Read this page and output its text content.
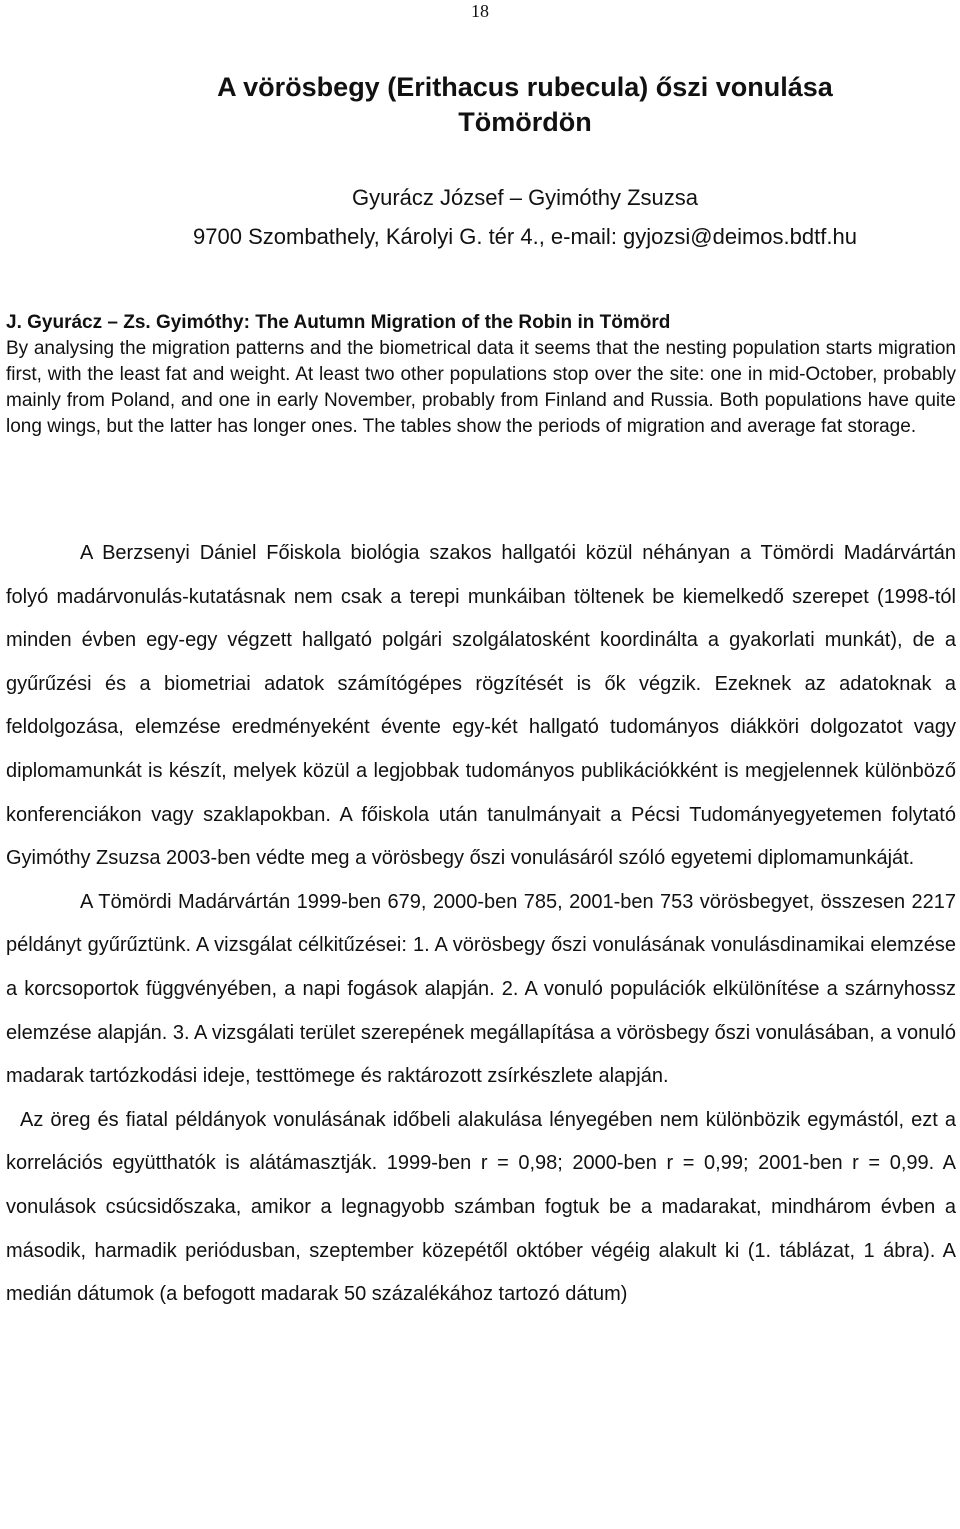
18
A vörösbegy (Erithacus rubecula) őszi vonulása
Tömördön
Gyurácz József – Gyimóthy Zsuzsa
9700 Szombathely, Károlyi G. tér 4., e-mail: gyjozsi@deimos.bdtf.hu

J. Gyurácz – Zs. Gyimóthy: The Autumn Migration of the Robin in Tömörd
By analysing the migration patterns and the biometrical data it seems that the nesting population starts migration first, with the least fat and weight. At least two other populations stop over the site: one in mid-October, probably mainly from Poland, and one in early November, probably from Finland and Russia. Both populations have quite long wings, but the latter has longer ones. The tables show the periods of migration and average fat storage.

A Berzsenyi Dániel Főiskola biológia szakos hallgatói közül néhányan a Tömördi Madárvártán folyó madárvonulás-kutatásnak nem csak a terepi munkáiban töltenek be kiemelkedő szerepet (1998-tól minden évben egy-egy végzett hallgató polgári szolgálatosként koordinálta a gyakorlati munkát), de a gyűrűzési és a biometriai adatok számítógépes rögzítését is ők végzik. Ezeknek az adatoknak a feldolgozása, elemzése eredményeként évente egy-két hallgató tudományos diákköri dolgozatot vagy diplomamunkát is készít, melyek közül a legjobbak tudományos publikációkként is megjelennek különböző konferenciákon vagy szaklapokban. A főiskola után tanulmányait a Pécsi Tudományegyetemen folytató Gyimóthy Zsuzsa 2003-ben védte meg a vörösbegy őszi vonulásáról szóló egyetemi diplomamunkáját.

A Tömördi Madárvártán 1999-ben 679, 2000-ben 785, 2001-ben 753 vörösbegyet, összesen 2217 példányt gyűrűztünk. A vizsgálat célkitűzései: 1. A vörösbegy őszi vonulásának vonulásdinamikai elemzése a korcsoportok függvényében, a napi fogások alapján. 2. A vonuló populációk elkülönítése a szárnyhossz elemzése alapján. 3. A vizsgálati terület szerepének megállapítása a vörösbegy őszi vonulásában, a vonuló madarak tartózkodási ideje, testtömege és raktározott zsírkészlete alapján.

Az öreg és fiatal példányok vonulásának időbeli alakulása lényegében nem különbözik egymástól, ezt a korrelációs együtthatók is alátámasztják. 1999-ben r = 0,98; 2000-ben r = 0,99; 2001-ben r = 0,99. A vonulások csúcsidőszaka, amikor a legnagyobb számban fogtuk be a madarakat, mindhárom évben a második, harmadik periódusban, szeptember közepétől október végéig alakult ki (1. táblázat, 1 ábra). A medián dátumok (a befogott madarak 50 százalékához tartozó dátum)
